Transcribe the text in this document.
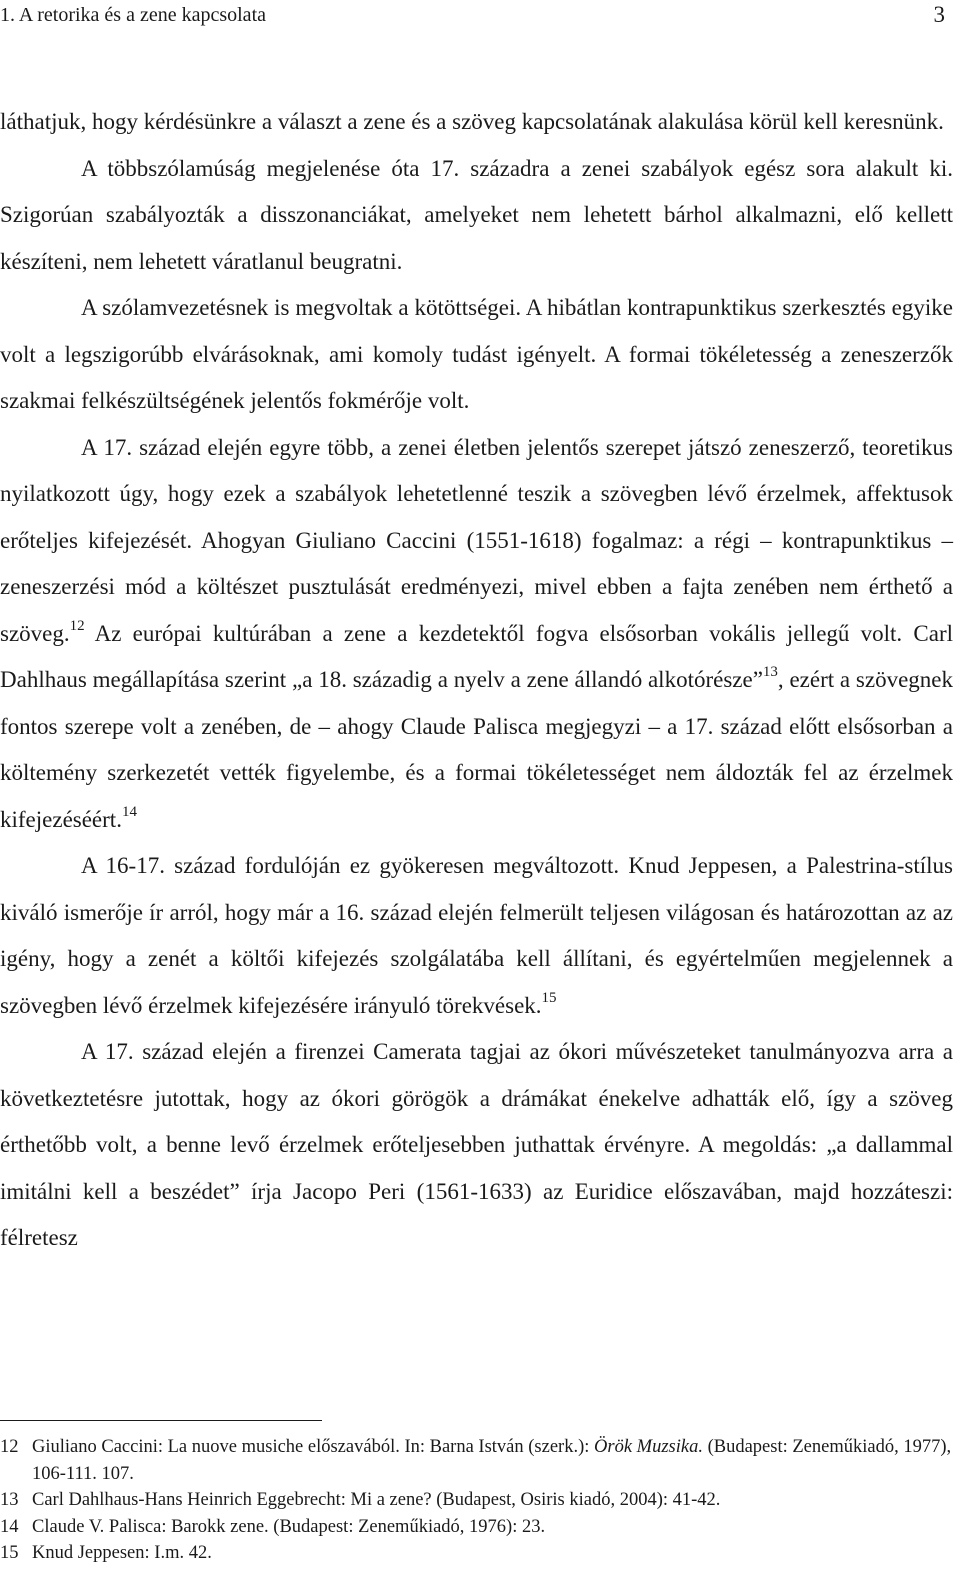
1. A retorika és a zene kapcsolata	3

láthatjuk, hogy kérdésünkre a választ a zene és a szöveg kapcsolatának alakulása körül kell keresnünk.

A többszólamúság megjelenése óta 17. századra a zenei szabályok egész sora alakult ki. Szigorúan szabályozták a disszonanciákat, amelyeket nem lehetett bárhol alkalmazni, elő kellett készíteni, nem lehetett váratlanul beugratni.

A szólamvezetésnek is megvoltak a kötöttségei. A hibátlan kontrapunktikus szerkesztés egyike volt a legszigorúbb elvárásoknak, ami komoly tudást igényelt. A formai tökéletesség a zeneszerzők szakmai felkészültségének jelentős fokmérője volt.

A 17. század elején egyre több, a zenei életben jelentős szerepet játszó zeneszerző, teoretikus nyilatkozott úgy, hogy ezek a szabályok lehetetlenné teszik a szövegben lévő érzelmek, affektusok erőteljes kifejezését. Ahogyan Giuliano Caccini (1551-1618) fogalmaz: a régi – kontrapunktikus – zeneszerzési mód a költészet pusztulását eredményezi, mivel ebben a fajta zenében nem érthető a szöveg.$^{12}$ Az európai kultúrában a zene a kezdetektől fogva elsősorban vokális jellegű volt. Carl Dahlhaus megállapítása szerint „a 18. századig a nyelv a zene állandó alkotórésze”$^{13}$, ezért a szövegnek fontos szerepe volt a zenében, de – ahogy Claude Palisca megjegyzi – a 17. század előtt elsősorban a költemény szerkezetét vették figyelembe, és a formai tökéletességet nem áldozták fel az érzelmek kifejezéséért.$^{14}$

A 16-17. század fordulóján ez gyökeresen megváltozott. Knud Jeppesen, a Palestrina-stílus kiváló ismerője ír arról, hogy már a 16. század elején felmerült teljesen világosan és határozottan az az igény, hogy a zenét a költői kifejezés szolgálatába kell állítani, és egyértelműen megjelennek a szövegben lévő érzelmek kifejezésére irányuló törekvések.$^{15}$

A 17. század elején a firenzei Camerata tagjai az ókori művészeteket tanulmányozva arra a következtetésre jutottak, hogy az ókori görögök a drámákat énekelve adhatták elő, így a szöveg érthetőbb volt, a benne levő érzelmek erőteljesebben juthattak érvényre. A megoldás: „a dallammal imitálni kell a beszédet” írja Jacopo Peri (1561-1633) az Euridice előszavában, majd hozzáteszi: félretesz

12 Giuliano Caccini: La nuove musiche előszavából. In: Barna István (szerk.): Örök Muzsika. (Budapest: Zeneműkiadó, 1977), 106-111. 107.
13 Carl Dahlhaus-Hans Heinrich Eggebrecht: Mi a zene? (Budapest, Osiris kiadó, 2004): 41-42.
14 Claude V. Palisca: Barokk zene. (Budapest: Zeneműkiadó, 1976): 23.
15 Knud Jeppesen: I.m. 42.
